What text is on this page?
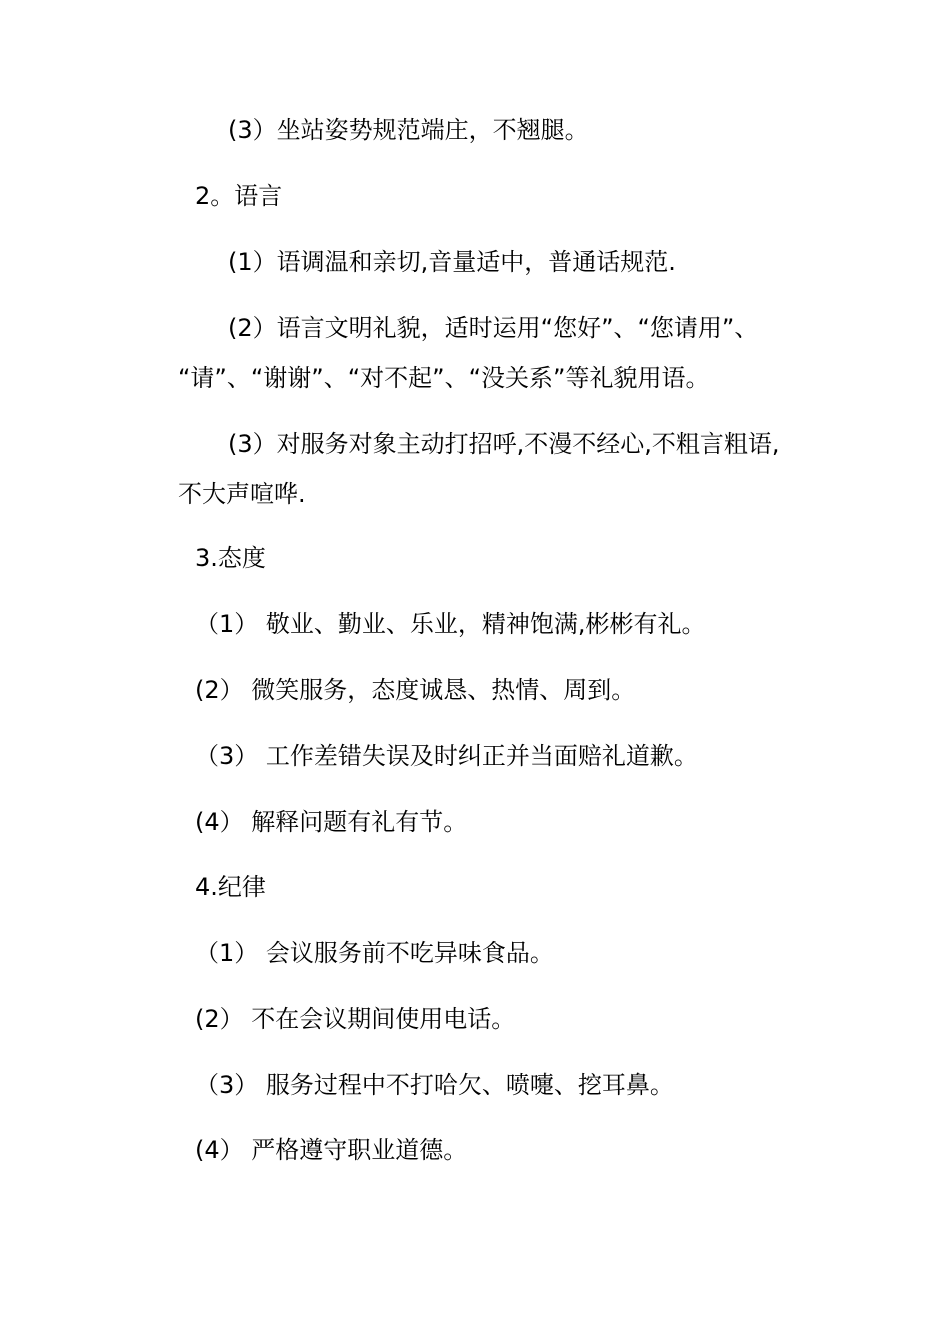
(3）坐站姿势规范端庄，不翘腿。

2。语言

(1）语调温和亲切,音量适中，普通话规范.

(2）语言文明礼貌，适时运用“您好”、“您请用”、

“请”、“谢谢”、“对不起”、“没关系”等礼貌用语。

(3）对服务对象主动打招呼,不漫不经心,不粗言粗语,

不大声喧哗.

3.态度

（1） 敬业、勤业、乐业，精神饱满,彬彬有礼。

(2） 微笑服务，态度诚恳、热情、周到。

（3） 工作差错失误及时纠正并当面赔礼道歉。

(4） 解释问题有礼有节。

4.纪律

（1） 会议服务前不吃异味食品。

(2） 不在会议期间使用电话。

（3） 服务过程中不打哈欠、喷嚏、挖耳鼻。

(4） 严格遵守职业道德。
